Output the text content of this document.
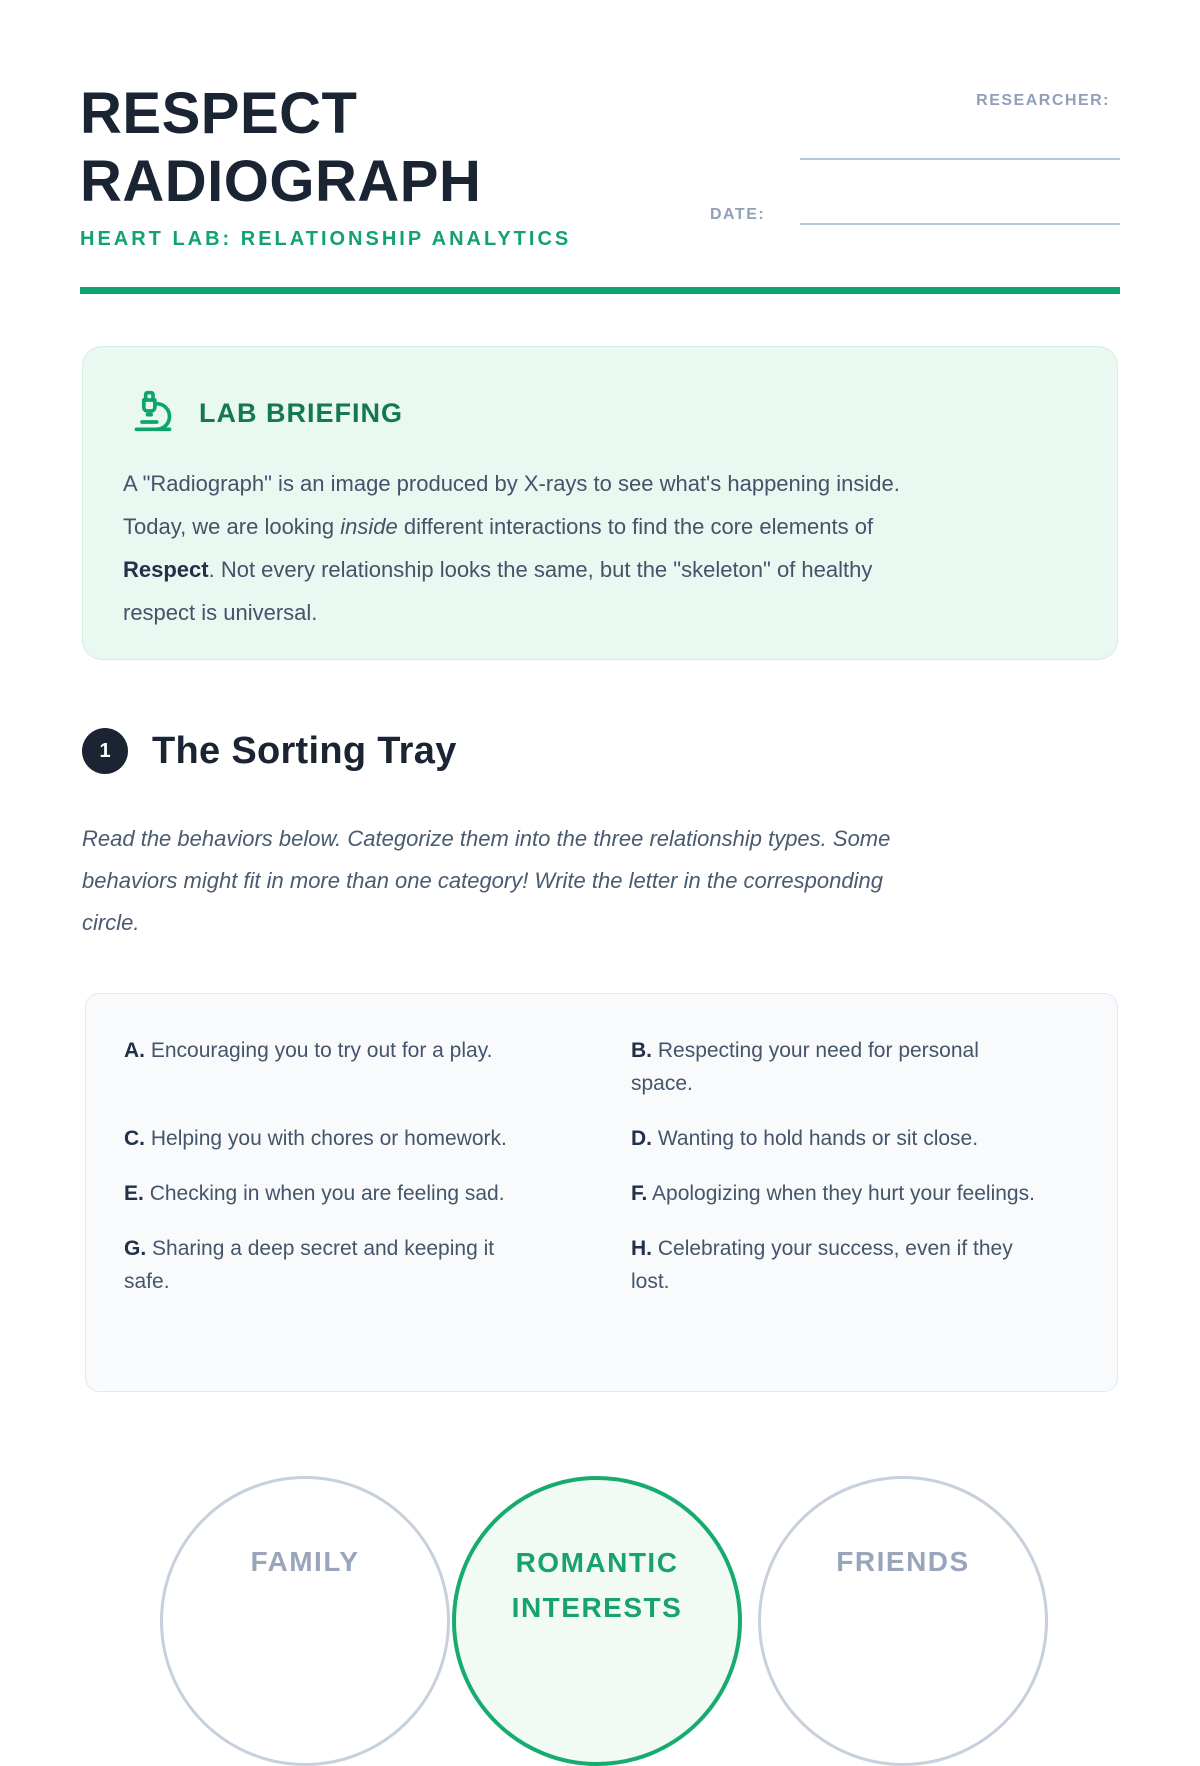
RESPECT
RADIOGRAPH
HEART LAB: RELATIONSHIP ANALYTICS
RESEARCHER:
DATE:
LAB BRIEFING
A "Radiograph" is an image produced by X-rays to see what's happening inside.
Today, we are looking inside different interactions to find the core elements of
Respect. Not every relationship looks the same, but the "skeleton" of healthy
respect is universal.
1	The Sorting Tray
Read the behaviors below. Categorize them into the three relationship types. Some
behaviors might fit in more than one category! Write the letter in the corresponding
circle.
A. Encouraging you to try out for a play.	B. Respecting your need for personal space.
C. Helping you with chores or homework.	D. Wanting to hold hands or sit close.
E. Checking in when you are feeling sad.	F. Apologizing when they hurt your feelings.
G. Sharing a deep secret and keeping it safe.
H. Celebrating your success, even if they lost.
FAMILY	ROMANTIC
INTERESTS
FRIENDS
